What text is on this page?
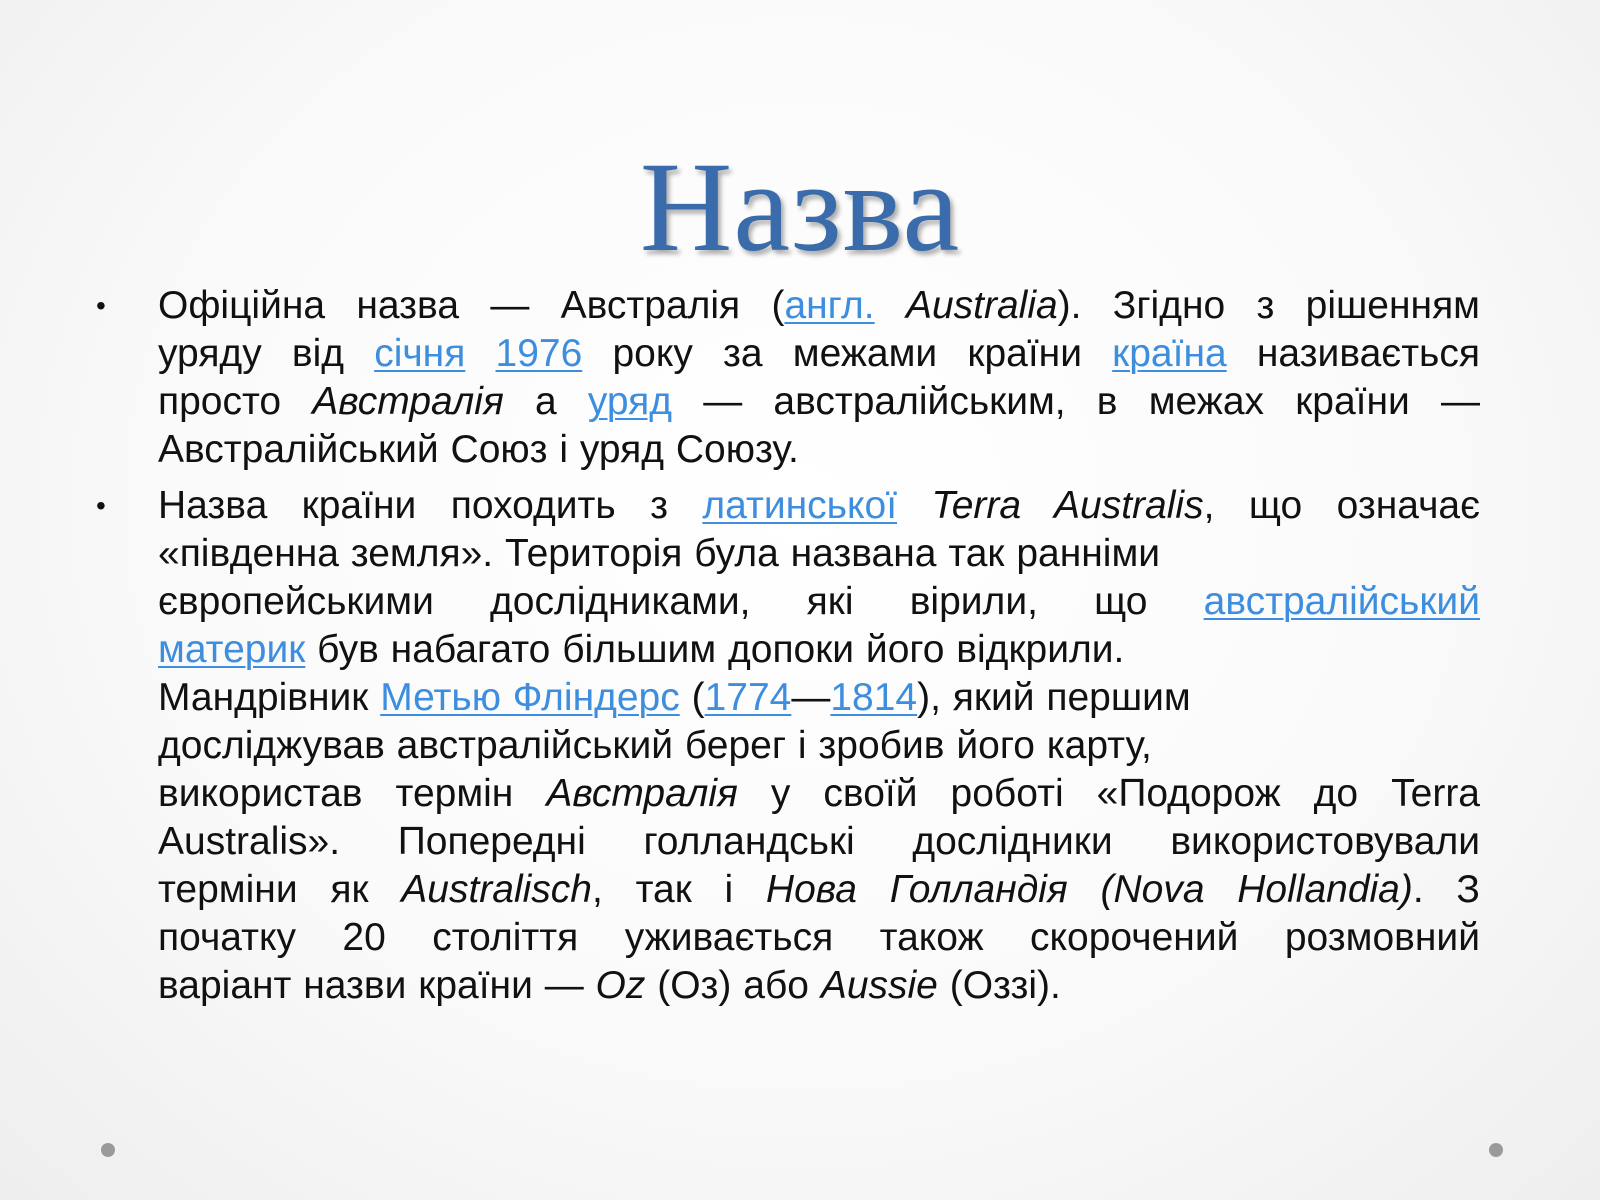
Назва
• Офіційна назва — Австралія (англ. Australia). Згідно з рішенням
уряду від січня 1976 року за межами країни країна називається
просто Австралія а уряд — австралійським, в межах країни —
Австралійський Союз і уряд Союзу.
• Назва країни походить з латинської Terra Australis, що означає
«південна земля». Територія була названа так ранніми
європейськими дослідниками, які вірили, що австралійський
материк був набагато більшим допоки його відкрили.
Мандрівник Метью Фліндерс (1774—1814), який першим
досліджував австралійський берег і зробив його карту,
використав термін Австралія у своїй роботі «Подорож до Terra
Australis». Попередні голландські дослідники використовували
терміни як Australisch, так і Нова Голландія (Nova Hollandia). З
початку 20 століття уживається також скорочений розмовний
варіант назви країни — Oz (Оз) або Aussie (Оззі).
